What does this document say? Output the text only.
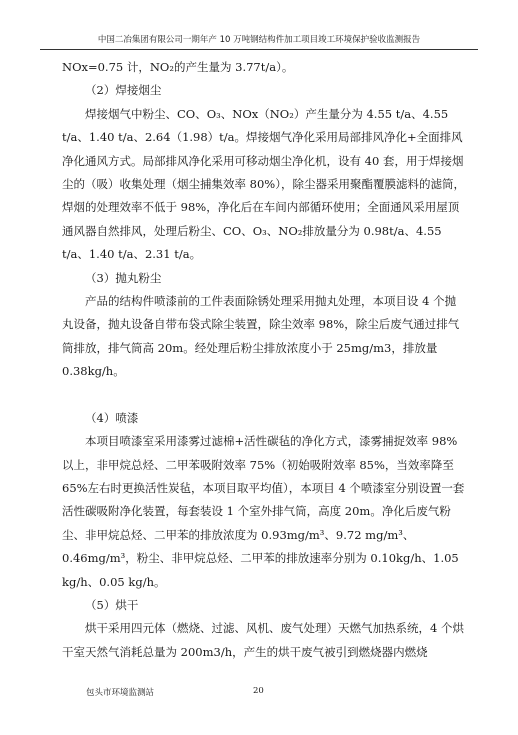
中国二冶集团有限公司一期年产 10 万吨钢结构件加工项目竣工环境保护验收监测报告

NOx=0.75 计，NO₂的产生量为 3.77t/a）。

（2）焊接烟尘

焊接烟气中粉尘、CO、O₃、NOx（NO₂）产生量分为 4.55 t/a、4.55 t/a、1.40 t/a、2.64（1.98）t/a。焊接烟气净化采用局部排风净化+全面排风净化通风方式。局部排风净化采用可移动烟尘净化机，设有 40 套，用于焊接烟尘的（吸）收集处理（烟尘捕集效率 80%），除尘器采用聚酯覆膜滤料的滤筒，焊烟的处理效率不低于 98%，净化后在车间内部循环使用；全面通风采用屋顶通风器自然排风，处理后粉尘、CO、O₃、NO₂排放量分为 0.98t/a、4.55 t/a、1.40 t/a、2.31 t/a。

（3）抛丸粉尘

产品的结构件喷漆前的工件表面除锈处理采用抛丸处理，本项目设 4 个抛丸设备，抛丸设备自带布袋式除尘装置，除尘效率 98%，除尘后废气通过排气筒排放，排气筒高 20m。经处理后粉尘排放浓度小于 25mg/m3，排放量 0.38kg/h。

（4）喷漆

本项目喷漆室采用漆雾过滤棉+活性碳毡的净化方式，漆雾捕捉效率 98%以上，非甲烷总烃、二甲苯吸附效率 75%（初始吸附效率 85%，当效率降至 65%左右时更换活性炭毡，本项目取平均值），本项目 4 个喷漆室分别设置一套活性碳吸附净化装置，每套装设 1 个室外排气筒，高度 20m。净化后废气粉尘、非甲烷总烃、二甲苯的排放浓度为 0.93mg/m³、9.72 mg/m³、0.46mg/m³，粉尘、非甲烷总烃、二甲苯的排放速率分别为 0.10kg/h、1.05 kg/h、0.05 kg/h。

（5）烘干

烘干采用四元体（燃烧、过滤、风机、废气处理）天燃气加热系统，4 个烘干室天然气消耗总量为 200m3/h，产生的烘干废气被引到燃烧器内燃烧

包头市环境监测站	20
